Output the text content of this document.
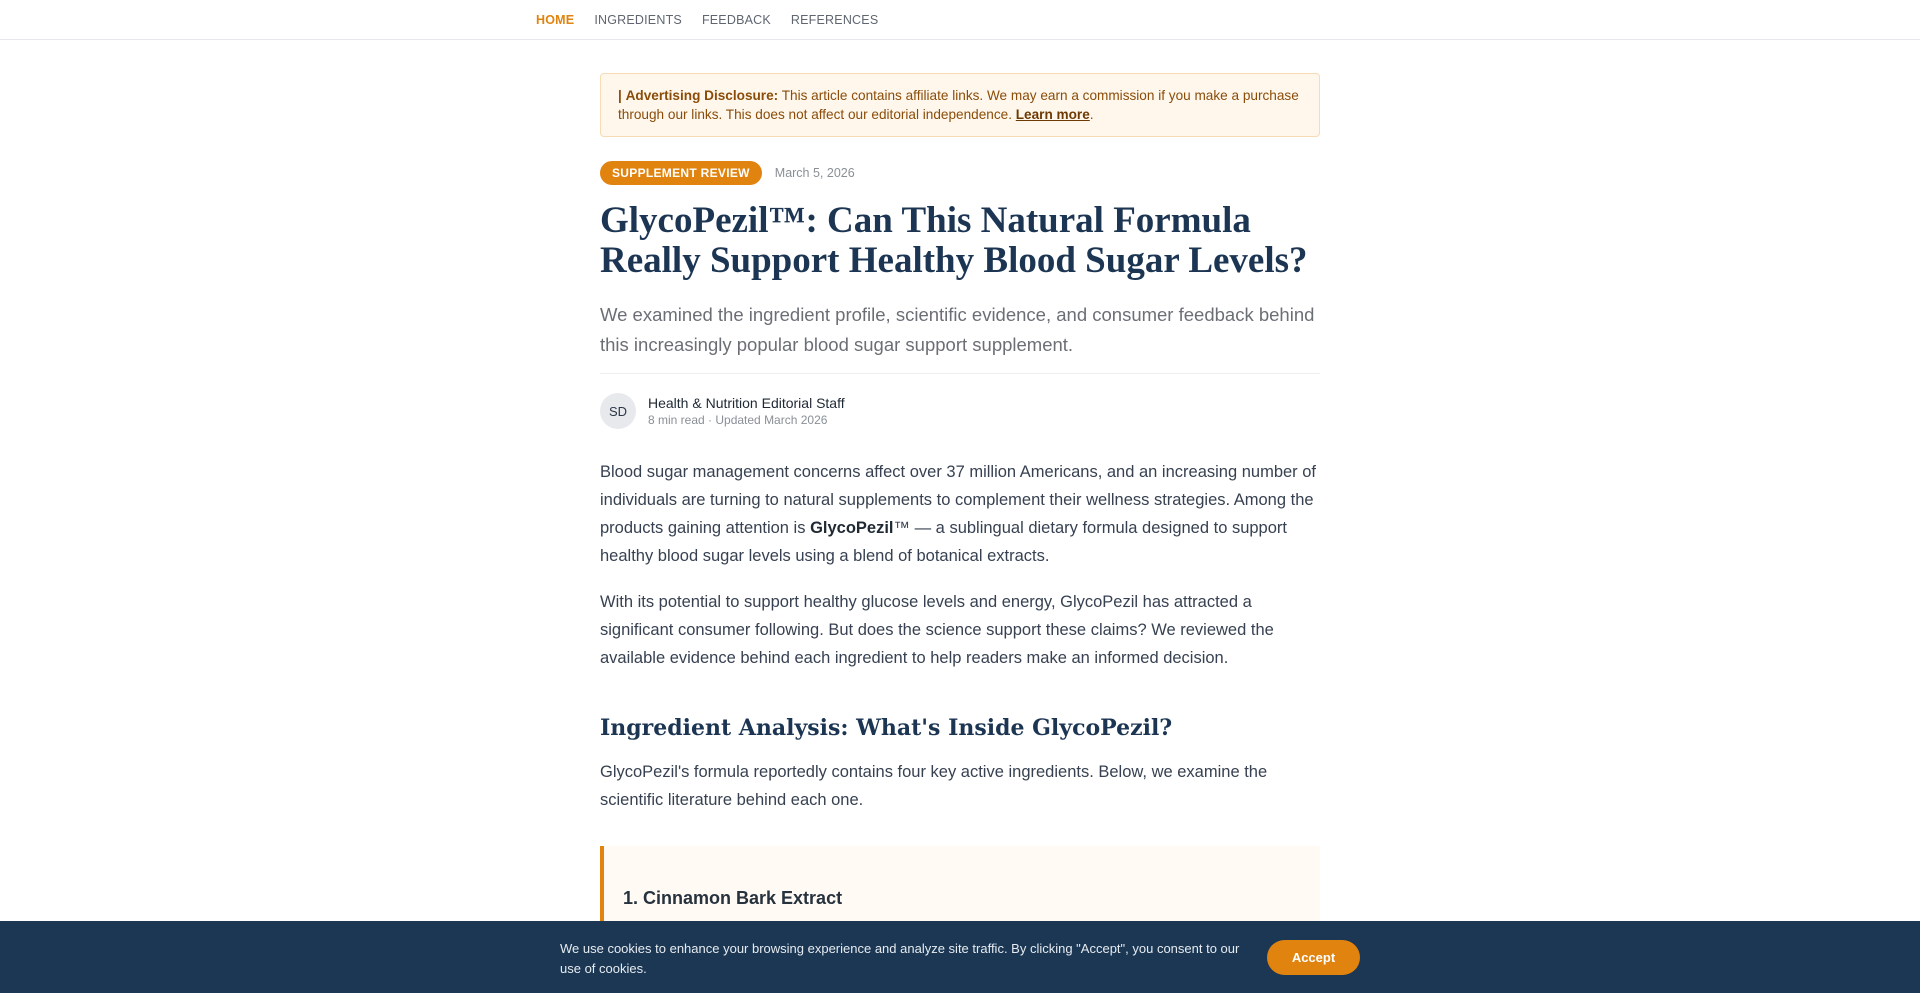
HOME INGREDIENTS FEEDBACK REFERENCES
| Advertising Disclosure: This article contains affiliate links. We may earn a commission if you make a purchase through our links. This does not affect our editorial independence. Learn more.
SUPPLEMENT REVIEW	March 5, 2026
GlycoPezil™: Can This Natural Formula Really Support Healthy Blood Sugar Levels?

We examined the ingredient profile, scientific evidence, and consumer feedback behind this increasingly popular blood sugar support supplement.

SD	Health & Nutrition Editorial Staff
8 min read · Updated March 2026

Blood sugar management concerns affect over 37 million Americans, and an increasing number of individuals are turning to natural supplements to complement their wellness strategies. Among the products gaining attention is GlycoPezil™ — a sublingual dietary formula designed to support healthy blood sugar levels using a blend of botanical extracts.

With its potential to support healthy glucose levels and energy, GlycoPezil has attracted a significant consumer following. But does the science support these claims? We reviewed the available evidence behind each ingredient to help readers make an informed decision.

Ingredient Analysis: What's Inside GlycoPezil?

GlycoPezil's formula reportedly contains four key active ingredients. Below, we examine the scientific literature behind each one.

1. Cinnamon Bark Extract

We use cookies to enhance your browsing experience and analyze site traffic. By clicking "Accept", you consent to our use of cookies.

Accept
